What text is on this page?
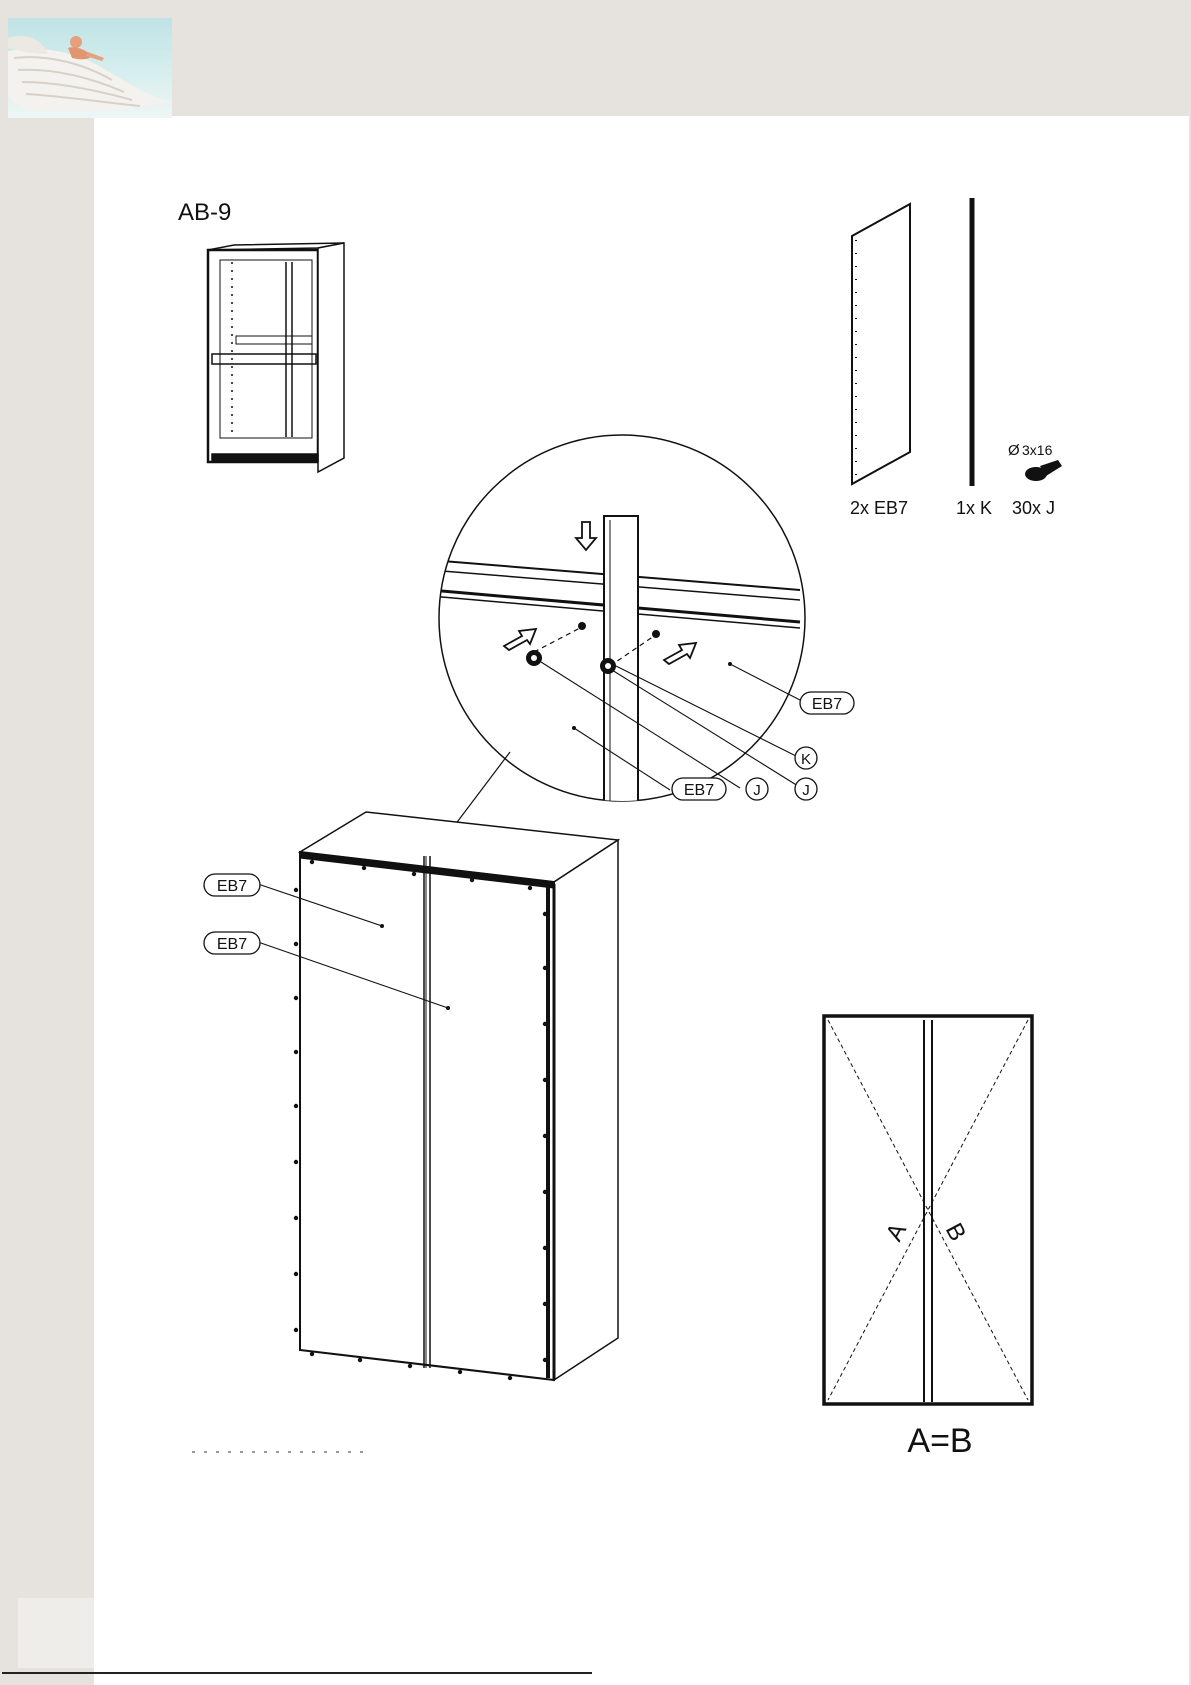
AB-9
2x EB7	1x K
Ø 3x16
30x J
EB7
EB7	J	J
K
EB7
EB7
A B
A=B
